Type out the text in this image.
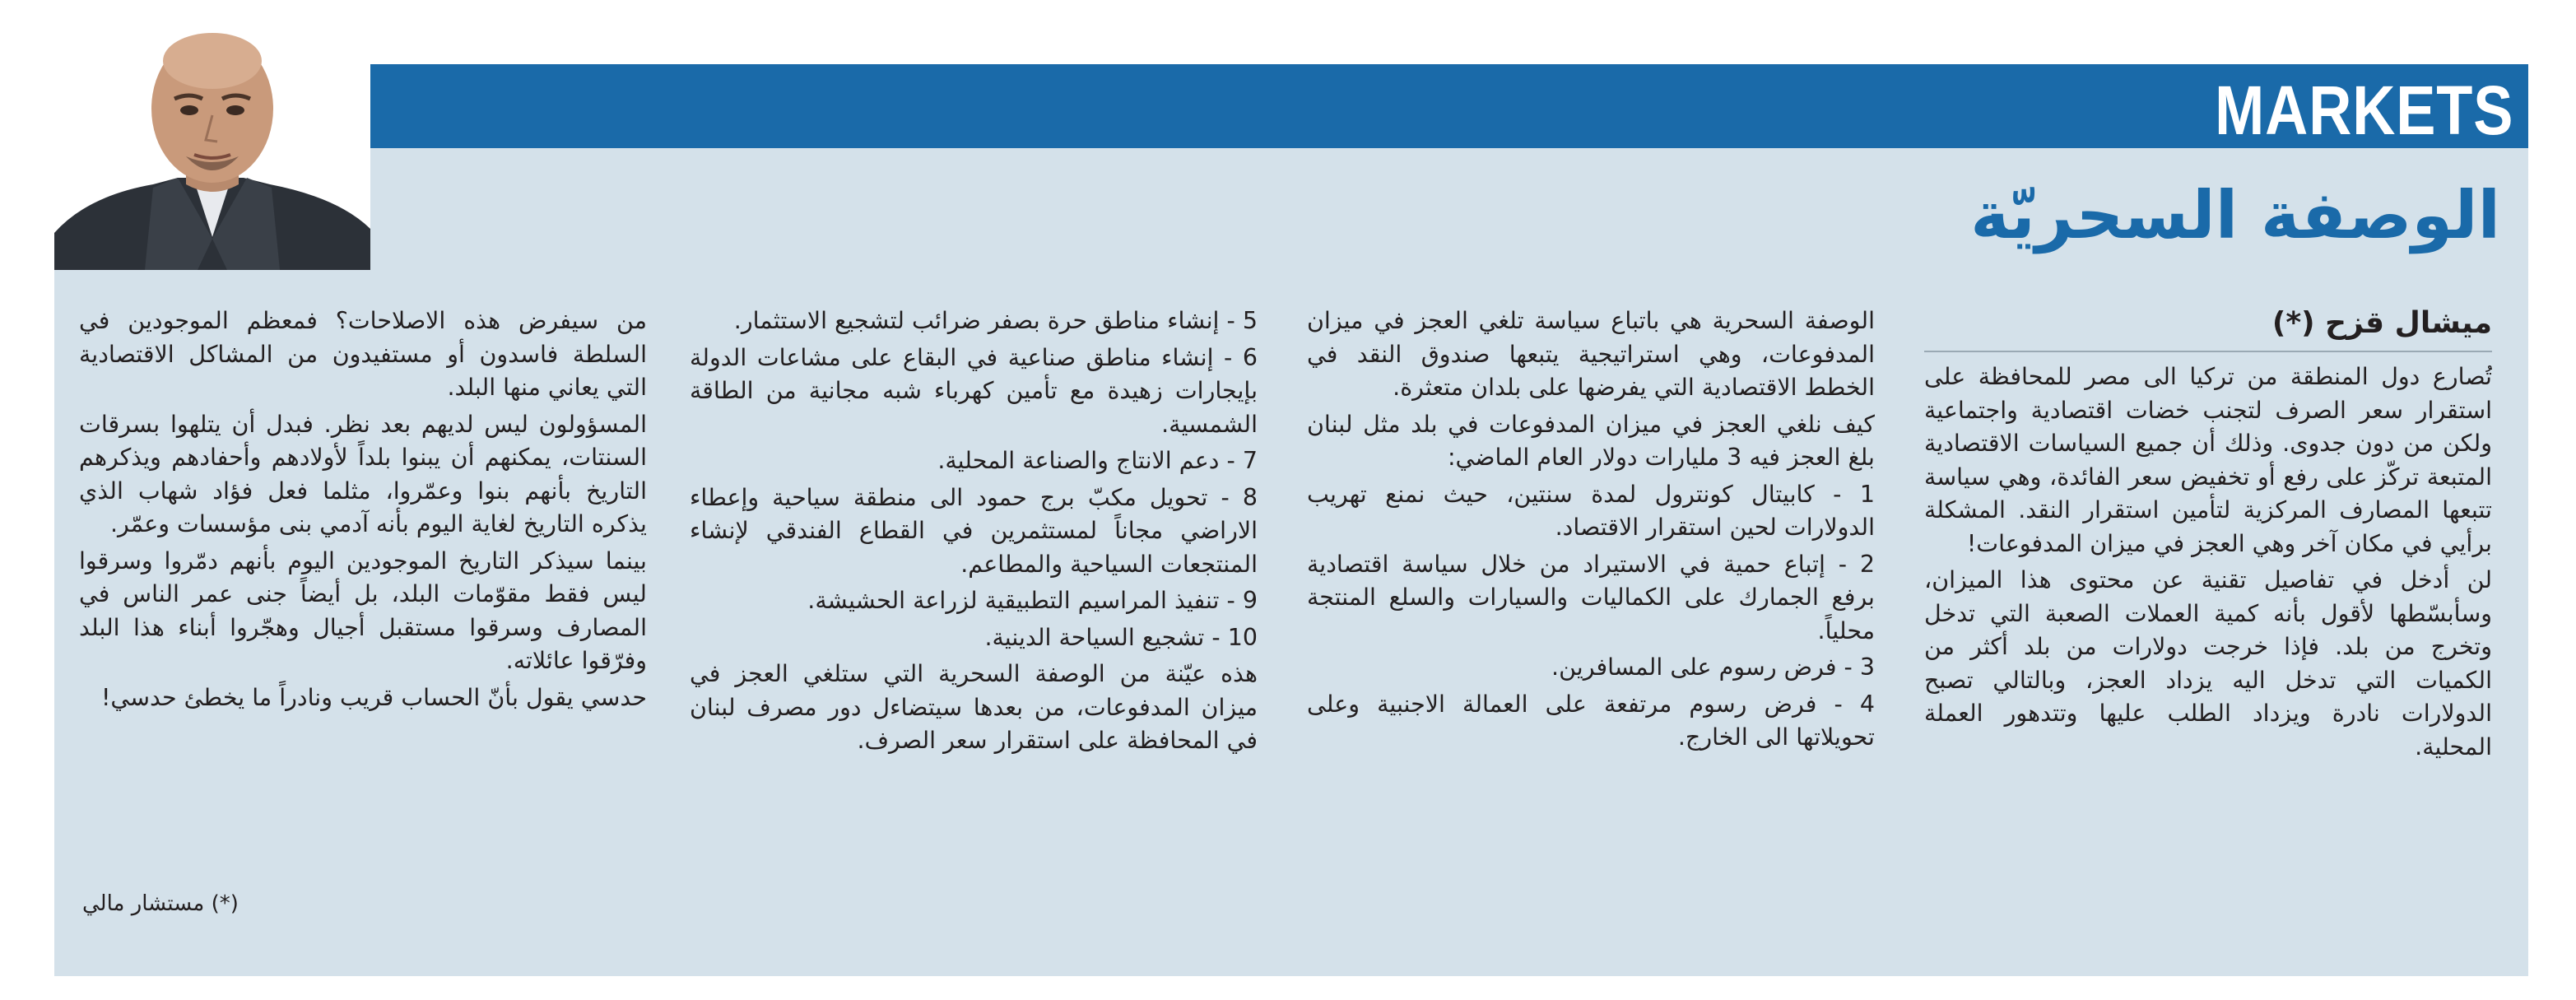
MARKETS
الوصفة السحريّة

ميشال قزح (*)

تُصارع دول المنطقة من تركيا الى مصر للمحافظة على استقرار سعر الصرف لتجنب خضات اقتصادية واجتماعية ولكن من دون جدوى. وذلك أن جميع السياسات الاقتصادية المتبعة تركّز على رفع أو تخفيض سعر الفائدة، وهي سياسة تتبعها المصارف المركزية لتأمين استقرار النقد. المشكلة برأيي في مكان آخر وهي العجز في ميزان المدفوعات!

لن أدخل في تفاصيل تقنية عن محتوى هذا الميزان، وسأبسّطها لأقول بأنه كمية العملات الصعبة التي تدخل وتخرج من بلد. فإذا خرجت دولارات من بلد أكثر من الكميات التي تدخل اليه يزداد العجز، وبالتالي تصبح الدولارات نادرة ويزداد الطلب عليها وتتدهور العملة المحلية.

الوصفة السحرية هي باتباع سياسة تلغي العجز في ميزان المدفوعات، وهي استراتيجية يتبعها صندوق النقد في الخطط الاقتصادية التي يفرضها على بلدان متعثرة.

كيف نلغي العجز في ميزان المدفوعات في بلد مثل لبنان بلغ العجز فيه 3 مليارات دولار العام الماضي:

1 - كابيتال كونترول لمدة سنتين، حيث نمنع تهريب الدولارات لحين استقرار الاقتصاد.

2 - إتباع حمية في الاستيراد من خلال سياسة اقتصادية برفع الجمارك على الكماليات والسيارات والسلع المنتجة محلياً.

3 - فرض رسوم على المسافرين.

4 - فرض رسوم مرتفعة على العمالة الاجنبية وعلى تحويلاتها الى الخارج.

5 - إنشاء مناطق حرة بصفر ضرائب لتشجيع الاستثمار.

6 - إنشاء مناطق صناعية في البقاع على مشاعات الدولة بإيجارات زهيدة مع تأمين كهرباء شبه مجانية من الطاقة الشمسية.

7 - دعم الانتاج والصناعة المحلية.

8 - تحويل مكبّ برج حمود الى منطقة سياحية وإعطاء الاراضي مجاناً لمستثمرين في القطاع الفندقي لإنشاء المنتجعات السياحية والمطاعم.

9 - تنفيذ المراسيم التطبيقية لزراعة الحشيشة.

10 - تشجيع السياحة الدينية.

هذه عيّنة من الوصفة السحرية التي ستلغي العجز في ميزان المدفوعات، من بعدها سيتضاءل دور مصرف لبنان في المحافظة على استقرار سعر الصرف.

من سيفرض هذه الاصلاحات؟ فمعظم الموجودين في السلطة فاسدون أو مستفيدون من المشاكل الاقتصادية التي يعاني منها البلد.

المسؤولون ليس لديهم بعد نظر. فبدل أن يتلهوا بسرقات السنتات، يمكنهم أن يبنوا بلداً لأولادهم وأحفادهم ويذكرهم التاريخ بأنهم بنوا وعمّروا، مثلما فعل فؤاد شهاب الذي يذكره التاريخ لغاية اليوم بأنه آدمي بنى مؤسسات وعمّر.

بينما سيذكر التاريخ الموجودين اليوم بأنهم دمّروا وسرقوا ليس فقط مقوّمات البلد، بل أيضاً جنى عمر الناس في المصارف وسرقوا مستقبل أجيال وهجّروا أبناء هذا البلد وفرّقوا عائلاته.

حدسي يقول بأنّ الحساب قريب ونادراً ما يخطئ حدسي!

(*) مستشار مالي
